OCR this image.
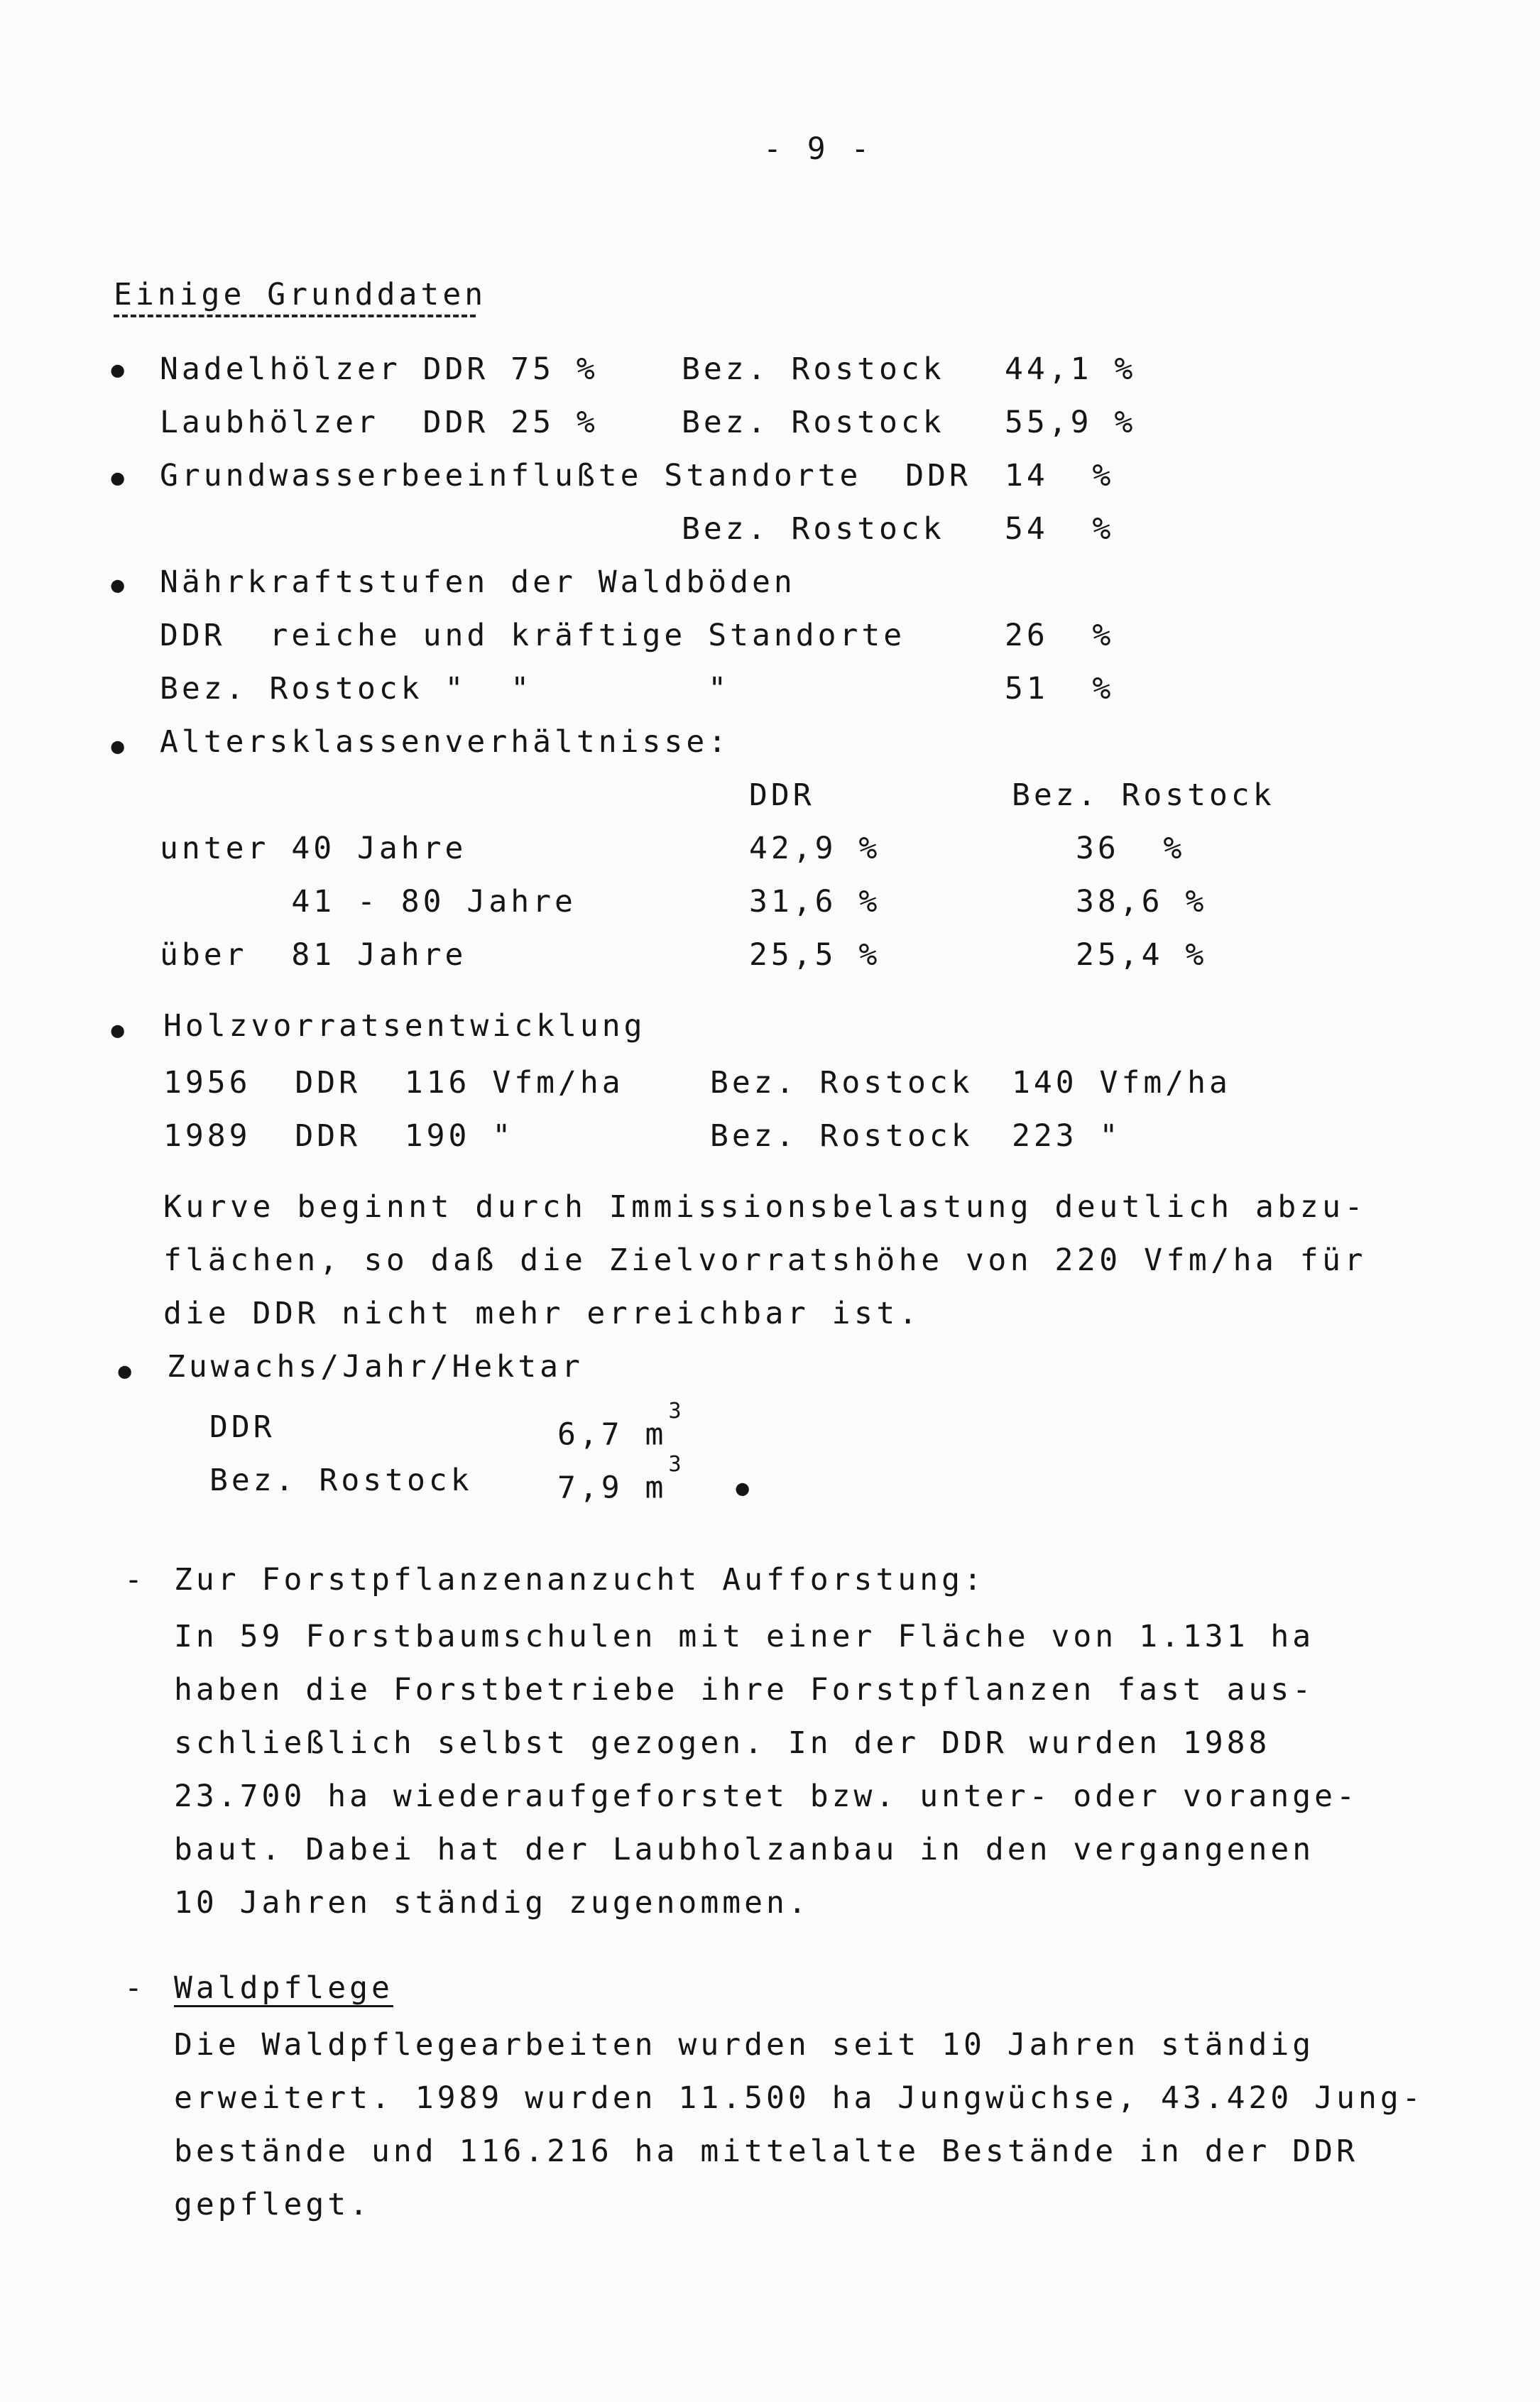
- 9 -
Einige Grunddaten
• Nadelhölzer DDR 75 %	Bez. Rostock 44,1 %
Laubhölzer  DDR 25 %	Bez. Rostock 55,9 %
• Grundwasserbeeinflußte Standorte  DDR 14  %
Bez. Rostock 54  %
• Nährkraftstufen der Waldböden
DDR  reiche und kräftige Standorte	26  %
Bez. Rostock "  "        "	51  %
• Altersklassenverhältnisse:
DDR	Bez. Rostock
unter 40 Jahre	42,9 %	36  %
41 - 80 Jahre	31,6 %	38,6 %
über  81 Jahre	25,5 %	25,4 %
• Holzvorratsentwicklung
1956  DDR  116 Vfm/ha	Bez. Rostock 140 Vfm/ha
1989  DDR  190 "	Bez. Rostock 223 "
Kurve beginnt durch Immissionsbelastung deutlich abzu-
flächen, so daß die Zielvorratshöhe von 220 Vfm/ha für
die DDR nicht mehr erreichbar ist.
• Zuwachs/Jahr/Hektar
DDR	6,7 $m^3$
Bez. Rostock	7,9 $m^3$
•
- Zur Forstpflanzenanzucht Aufforstung:
In 59 Forstbaumschulen mit einer Fläche von 1.131 ha
haben die Forstbetriebe ihre Forstpflanzen fast aus-
schließlich selbst gezogen. In der DDR wurden 1988
23.700 ha wiederaufgeforstet bzw. unter- oder vorange-
baut. Dabei hat der Laubholzanbau in den vergangenen
10 Jahren ständig zugenommen.
- Waldpflege
Die Waldpflegearbeiten wurden seit 10 Jahren ständig
erweitert. 1989 wurden 11.500 ha Jungwüchse, 43.420 Jung-
bestände und 116.216 ha mittelalte Bestände in der DDR
gepflegt.
